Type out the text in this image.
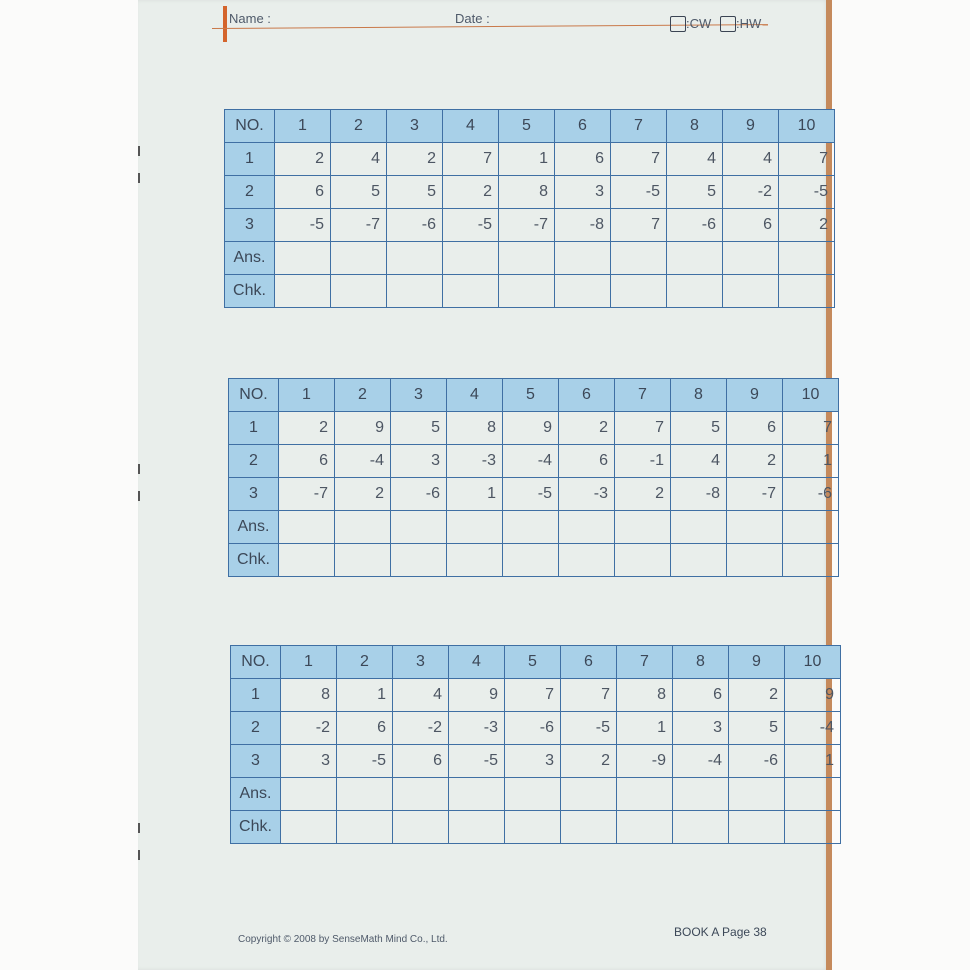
Name :	Date :	:CW :HW
NO.	1	2	3	4	5	6	7	8	9	10
1	2	4	2	7	1	6	7	4	4	7
2	6	5	5	2	8	3	-5	5	-2	-5
3	-5	-7	-6	-5	-7	-8	7	-6	6	2
Ans.										
Chk.										
NO.	1	2	3	4	5	6	7	8	9	10
1	2	9	5	8	9	2	7	5	6	7
2	6	-4	3	-3	-4	6	-1	4	2	1
3	-7	2	-6	1	-5	-3	2	-8	-7	-6
Ans.										
Chk.										
NO.	1	2	3	4	5	6	7	8	9	10
1	8	1	4	9	7	7	8	6	2	9
2	-2	6	-2	-3	-6	-5	1	3	5	-4
3	3	-5	6	-5	3	2	-9	-4	-6	1
Ans.										
Chk.										
Copyright © 2008 by SenseMath Mind Co., Ltd.
BOOK A Page 38
